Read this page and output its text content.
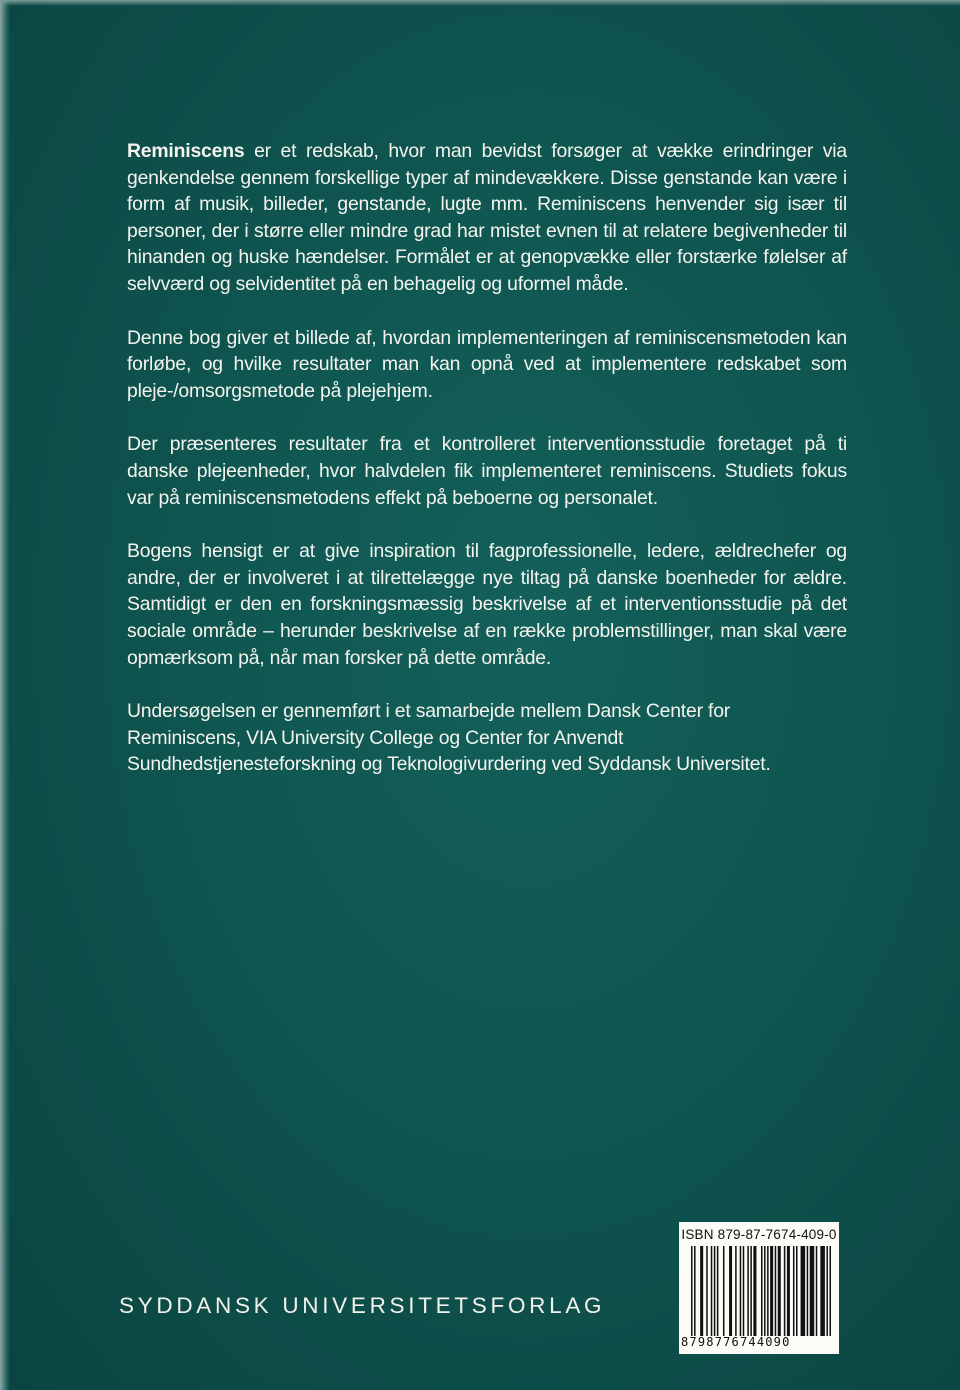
Reminiscens er et redskab, hvor man bevidst forsøger at vække erindringer via genkendelse gennem forskellige typer af mindevækkere. Disse genstande kan være i form af musik, billeder, genstande, lugte mm. Reminiscens henvender sig især til personer, der i større eller mindre grad har mistet evnen til at relatere begivenheder til hinanden og huske hændelser. Formålet er at genopvække eller forstærke følelser af selvværd og selvidentitet på en behagelig og uformel måde.

Denne bog giver et billede af, hvordan implementeringen af reminiscensmetoden kan forløbe, og hvilke resultater man kan opnå ved at implementere redskabet som pleje-/omsorgsmetode på plejehjem.

Der præsenteres resultater fra et kontrolleret interventionsstudie foretaget på ti danske plejeenheder, hvor halvdelen fik implementeret reminiscens. Studiets fokus var på reminiscensmetodens effekt på beboerne og personalet.

Bogens hensigt er at give inspiration til fagprofessionelle, ledere, ældrechefer og andre, der er involveret i at tilrettelægge nye tiltag på danske boenheder for ældre. Samtidigt er den en forskningsmæssig beskrivelse af et interventionsstudie på det sociale område – herunder beskrivelse af en række problemstillinger, man skal være opmærksom på, når man forsker på dette område.

Undersøgelsen er gennemført i et samarbejde mellem Dansk Center for Reminiscens, VIA University College og Center for Anvendt Sundhedstjenesteforskning og Teknologivurdering ved Syddansk Universitet.

SYDDANSK UNIVERSITETSFORLAG
ISBN 879-87-7674-409-0
8798776744090
